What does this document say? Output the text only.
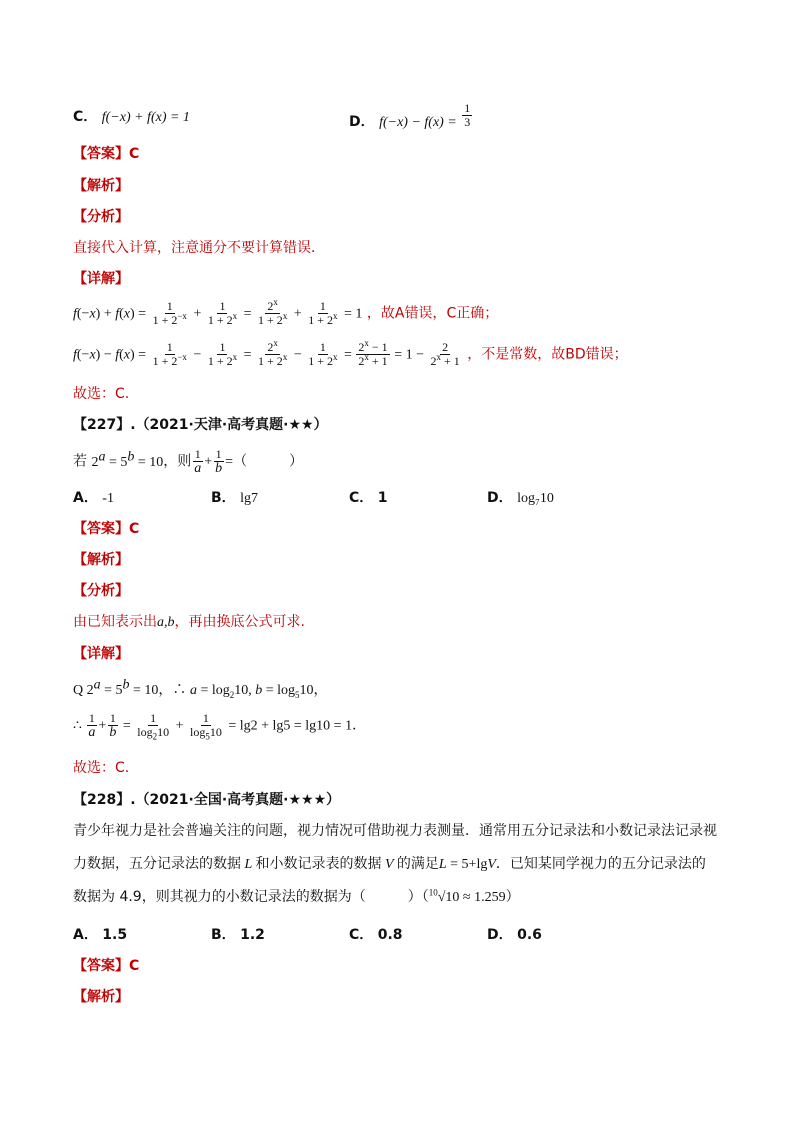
C． f(−x) + f(x) = 1	D． $f(-x) - f(x) = \frac{1}{3}$
【答案】C
【解析】
【分析】
直接代入计算，注意通分不要计算错误．
【详解】
$f(-x) + f(x) = \frac{1}{1 + 2^{-x}} + \frac{1}{1 + 2^x} = \frac{2^x}{1 + 2^x} + \frac{1}{1 + 2^x} = 1$ ，故A错误，C正确；
$f(-x) - f(x) = \frac{1}{1 + 2^{-x}} - \frac{1}{1 + 2^x} = \frac{2^x}{1 + 2^x} - \frac{1}{1 + 2^x} = \frac{2^x - 1}{2^x + 1} = 1 - \frac{2}{2^x + 1}$ ，不是常数，故BD错误；
故选：C.
【227】.（2021·天津·高考真题·★★）
若 $2^a = 5^b = 10$，则 $\frac{1}{a} + \frac{1}{b}$ =（　　　）
A． -1	B． lg7	C． 1	D． log₇10
【答案】C
【解析】
【分析】
由已知表示出a,b，再由换底公式可求.
【详解】
Q $2^a = 5^b = 10$，∴ $a = \log_210$, $b = \log_510$，
∴ $\frac{1}{a} + \frac{1}{b} = \frac{1}{\log_210} + \frac{1}{\log_510} = \lg 2 + \lg 5 = \lg 10 = 1$．
故选：C.
【228】.（2021·全国·高考真题·★★★）
青少年视力是社会普遍关注的问题，视力情况可借助视力表测量．通常用五分记录法和小数记录法记录视
力数据，五分记录法的数据 L 和小数记录表的数据 V 的满足L = 5+lgV．已知某同学视力的五分记录法的
数据为 4.9，则其视力的小数记录法的数据为（　　　）（$^{10}$√10 ≈ 1.259）
A． 1.5	B． 1.2	C． 0.8	D． 0.6
【答案】C
【解析】
